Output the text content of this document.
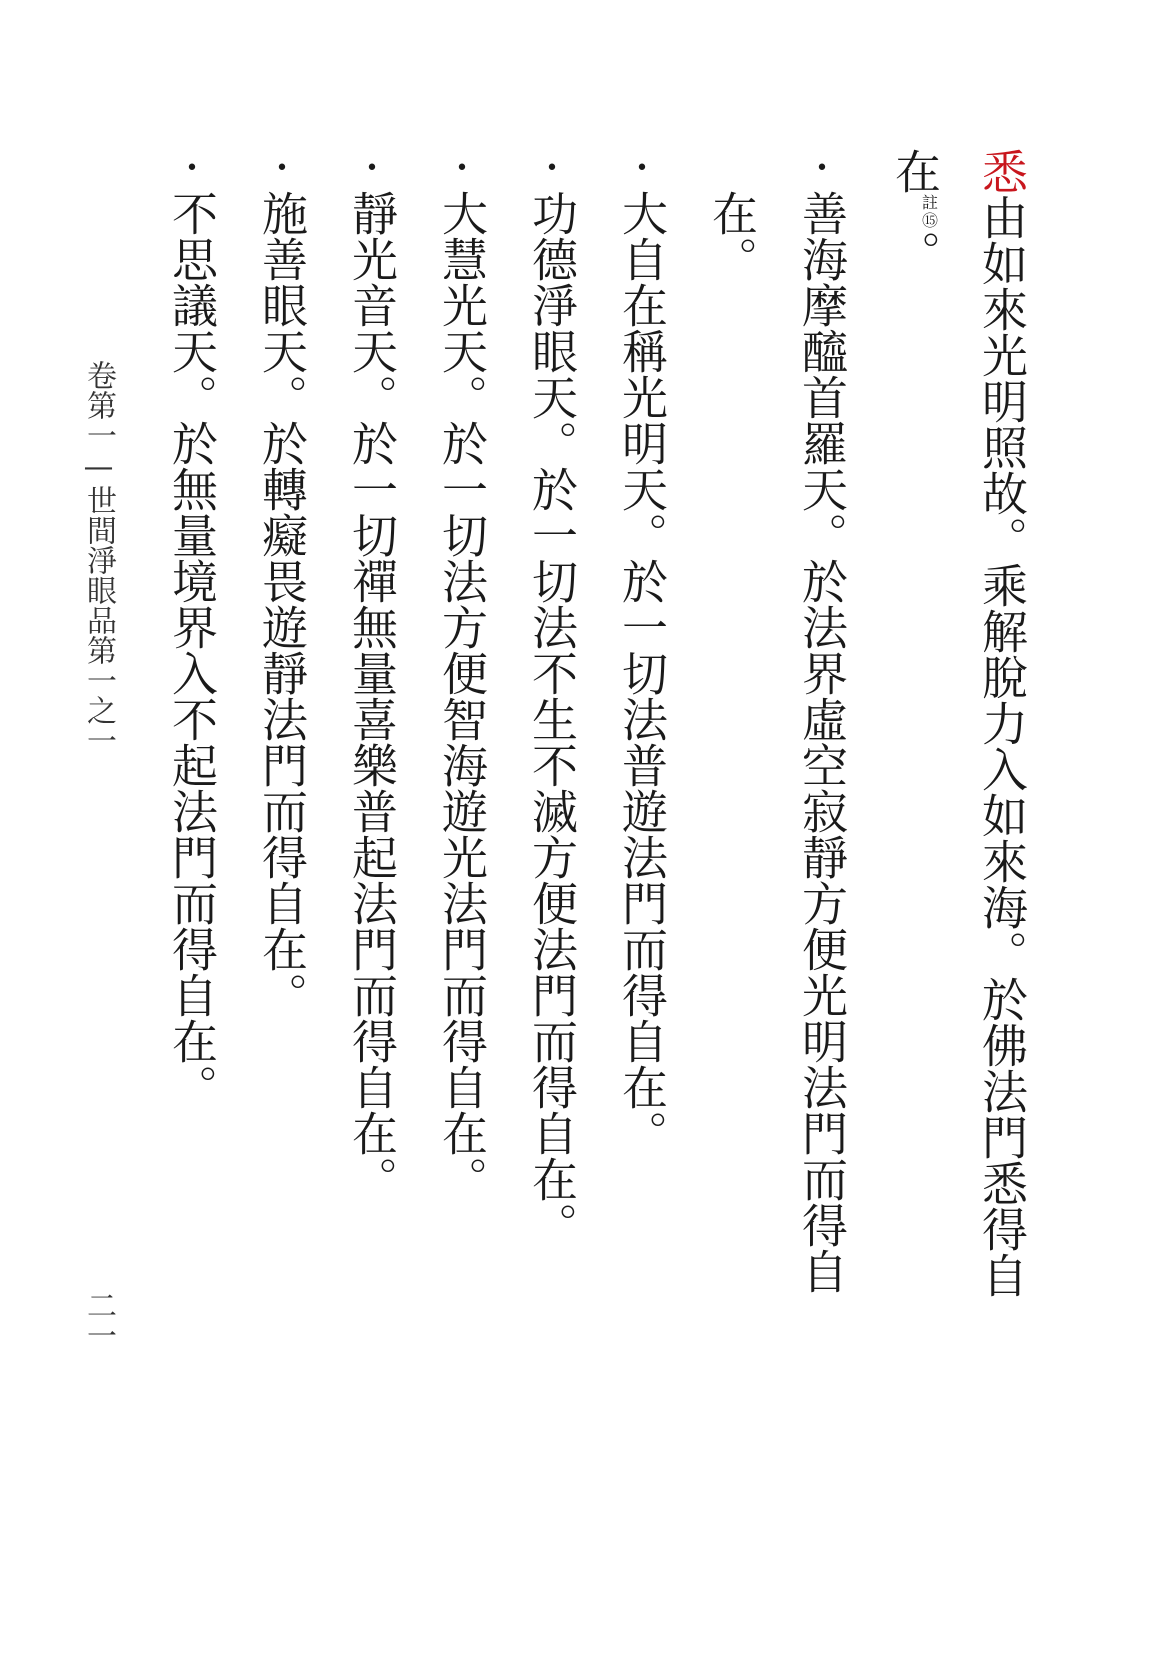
悉由如來光明照故。乘解脫力入如來海。於佛法門悉得自
在註
⑮。
•
善海摩醯首羅天。於法界虛空寂靜方便光明法門而得自
在。
•
大自在稱光明天。於一切法普遊法門而得自在。
•
功德淨眼天。於一切法不生不滅方便法門而得自在。
•
大慧光天。於一切法方便智海遊光法門而得自在。
•
靜光音天。於一切禪無量喜樂普起法門而得自在。
•
施善眼天。於轉癡畏遊靜法門而得自在。
•
不思議天。於無量境界入不起法門而得自在。
卷第一—世間淨眼品第一之一
二一
